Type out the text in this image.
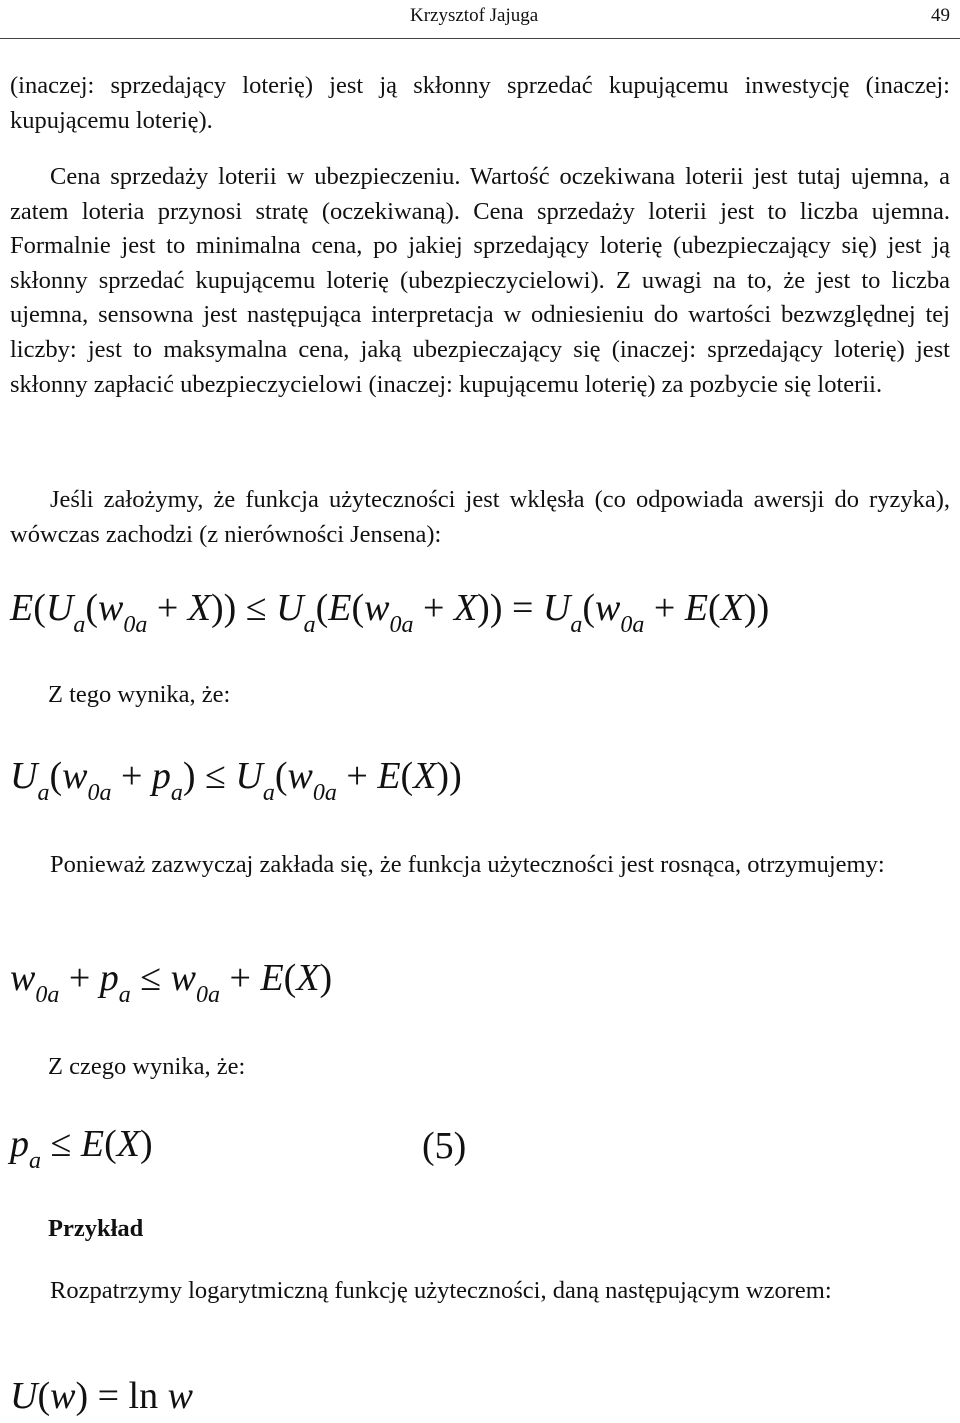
Krzysztof Jajuga	49

(inaczej: sprzedający loterię) jest ją skłonny sprzedać kupującemu inwestycję (inaczej: kupującemu loterię).

Cena sprzedaży loterii w ubezpieczeniu. Wartość oczekiwana loterii jest tutaj ujemna, a zatem loteria przynosi stratę (oczekiwaną). Cena sprzedaży loterii jest to liczba ujemna. Formalnie jest to minimalna cena, po jakiej sprzedający loterię (ubezpieczający się) jest ją skłonny sprzedać kupującemu loterię (ubezpieczycielowi). Z uwagi na to, że jest to liczba ujemna, sensowna jest następująca interpretacja w odniesieniu do wartości bezwzględnej tej liczby: jest to maksymalna cena, jaką ubezpieczający się (inaczej: sprzedający loterię) jest skłonny zapłacić ubezpieczycielowi (inaczej: kupującemu loterię) za pozbycie się loterii.

Jeśli założymy, że funkcja użyteczności jest wklęsła (co odpowiada awersji do ryzyka), wówczas zachodzi (z nierówności Jensena):

$E(U_a(w_{0a} + X)) \le U_a(E(w_{0a} + X)) = U_a(w_{0a} + E(X))$

Z tego wynika, że:

$U_a(w_{0a} + p_a) \le U_a(w_{0a} + E(X))$

Ponieważ zazwyczaj zakłada się, że funkcja użyteczności jest rosnąca, otrzymujemy:

$w_{0a} + p_a \le w_{0a} + E(X)$

Z czego wynika, że:

$p_a \le E(X)$	(5)

Przykład

Rozpatrzymy logarytmiczną funkcję użyteczności, daną następującym wzorem:

U(w) = ln w
